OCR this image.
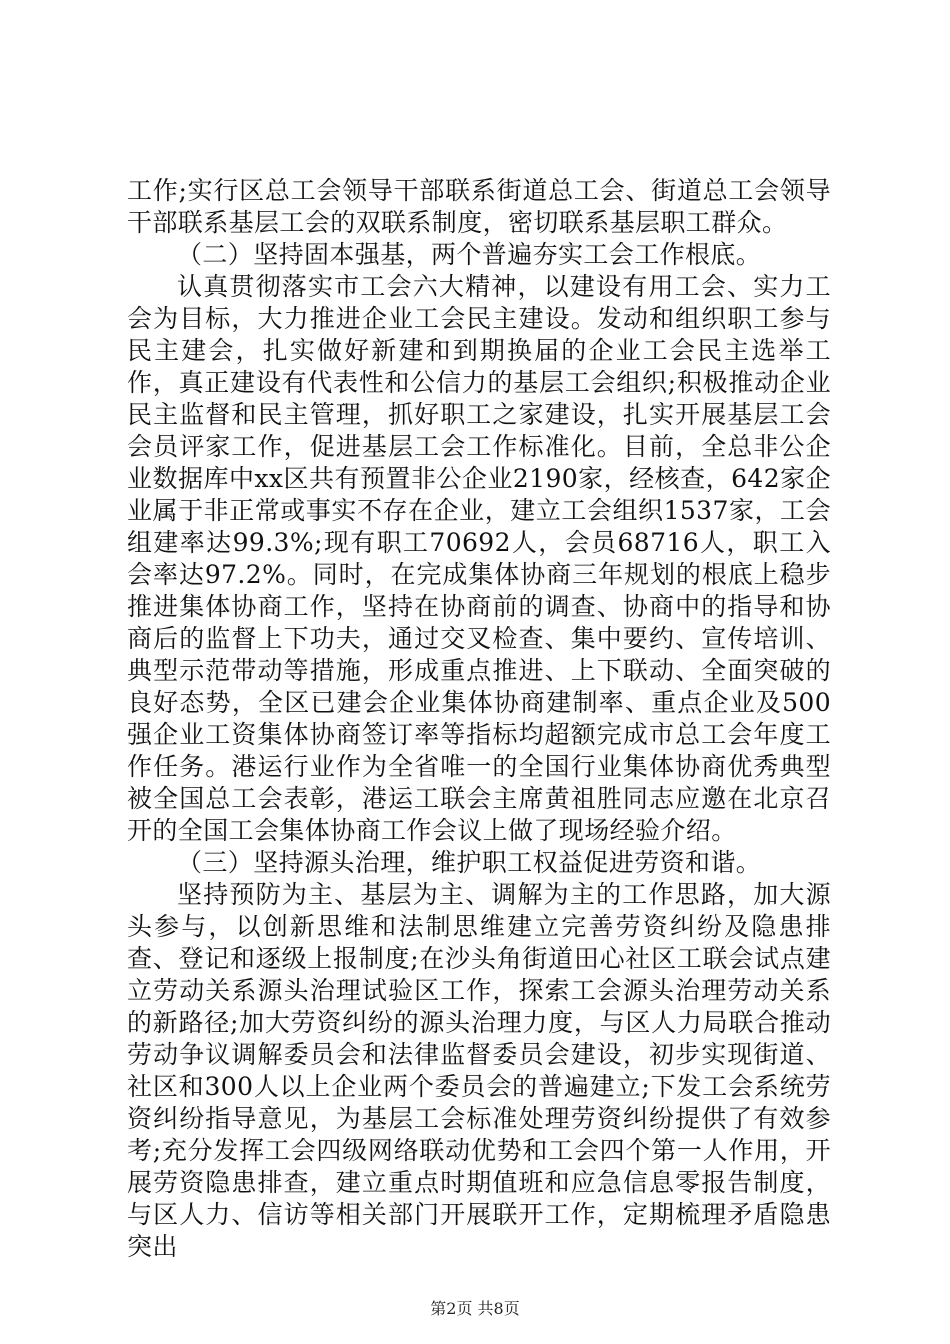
工作;实行区总工会领导干部联系街道总工会、街道总工会领导干部联系基层工会的双联系制度，密切联系基层职工群众。

（二）坚持固本强基，两个普遍夯实工会工作根底。

认真贯彻落实市工会六大精神，以建设有用工会、实力工会为目标，大力推进企业工会民主建设。发动和组织职工参与民主建会，扎实做好新建和到期换届的企业工会民主选举工作，真正建设有代表性和公信力的基层工会组织;积极推动企业民主监督和民主管理，抓好职工之家建设，扎实开展基层工会会员评家工作，促进基层工会工作标准化。目前，全总非公企业数据库中xx区共有预置非公企业2190家，经核查，642家企业属于非正常或事实不存在企业，建立工会组织1537家，工会组建率达99.3%;现有职工70692人，会员68716人，职工入会率达97.2%。同时，在完成集体协商三年规划的根底上稳步推进集体协商工作，坚持在协商前的调查、协商中的指导和协商后的监督上下功夫，通过交叉检查、集中要约、宣传培训、典型示范带动等措施，形成重点推进、上下联动、全面突破的良好态势，全区已建会企业集体协商建制率、重点企业及500强企业工资集体协商签订率等指标均超额完成市总工会年度工作任务。港运行业作为全省唯一的全国行业集体协商优秀典型被全国总工会表彰，港运工联会主席黄祖胜同志应邀在北京召开的全国工会集体协商工作会议上做了现场经验介绍。

（三）坚持源头治理，维护职工权益促进劳资和谐。

坚持预防为主、基层为主、调解为主的工作思路，加大源头参与，以创新思维和法制思维建立完善劳资纠纷及隐患排查、登记和逐级上报制度;在沙头角街道田心社区工联会试点建立劳动关系源头治理试验区工作，探索工会源头治理劳动关系的新路径;加大劳资纠纷的源头治理力度，与区人力局联合推动劳动争议调解委员会和法律监督委员会建设，初步实现街道、社区和300人以上企业两个委员会的普遍建立;下发工会系统劳资纠纷指导意见，为基层工会标准处理劳资纠纷提供了有效参考;充分发挥工会四级网络联动优势和工会四个第一人作用，开展劳资隐患排查，建立重点时期值班和应急信息零报告制度，与区人力、信访等相关部门开展联开工作，定期梳理矛盾隐患突出

第2页 共8页
